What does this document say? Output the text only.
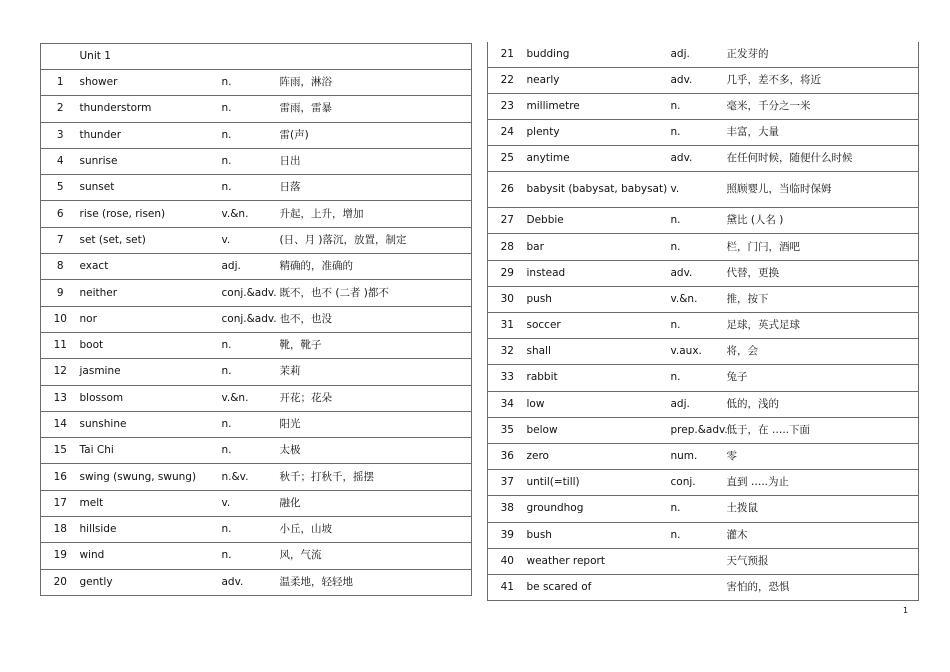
	Unit 1		
1	shower	n.	阵雨，淋浴
2	thunderstorm	n.	雷雨，雷暴
3	thunder	n.	雷(声)
4	sunrise	n.	日出
5	sunset	n.	日落
6	rise (rose, risen)	v.&n.	升起，上升，增加
7	set (set, set)	v.	(日、月 )落沉，放置，制定
8	exact	adj.	精确的，准确的
9	neither	conj.&adv.	既不，也不 (二者 )都不
10	nor	conj.&adv.	也不，也没
11	boot	n.	靴，靴子
12	jasmine	n.	茉莉
13	blossom	v.&n.	开花；花朵
14	sunshine	n.	阳光
15	Tai Chi	n.	太极
16	swing (swung, swung)	n.&v.	秋千；打秋千，摇摆
17	melt	v.	融化
18	hillside	n.	小丘，山坡
19	wind	n.	风，气流
20	gently	adv.	温柔地，轻轻地
21	budding	adj.	正发芽的
22	nearly	adv.	几乎，差不多，将近
23	millimetre	n.	毫米，千分之一米
24	plenty	n.	丰富，大量
25	anytime	adv.	在任何时候，随便什么时候
26	babysit (babysat, babysat)	v.	照顾婴儿，当临时保姆
27	Debbie	n.	黛比 (人名 )
28	bar	n.	栏，门闩，酒吧
29	instead	adv.	代替，更换
30	push	v.&n.	推，按下
31	soccer	n.	足球，英式足球
32	shall	v.aux.	将，会
33	rabbit	n.	兔子
34	low	adj.	低的，浅的
35	below	prep.&adv.	低于，在 …..下面
36	zero	num.	零
37	until(=till)	conj.	直到 …..为止
38	groundhog	n.	土拨鼠
39	bush	n.	灌木
40	weather report		天气预报
41	be scared of		害怕的，恐惧
1
